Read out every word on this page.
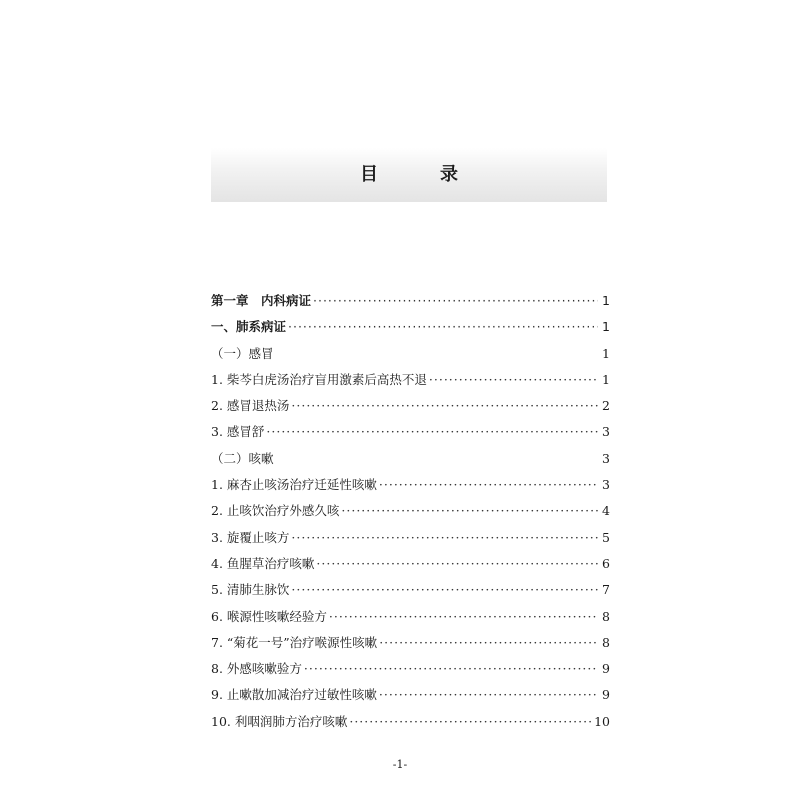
目　录
第一章　内科病证 ·····	1
一、肺系病证 ·····	1
（一）感冒	1
1. 柴芩白虎汤治疗盲用激素后高热不退 ·····	1
2. 感冒退热汤 ·····	2
3. 感冒舒 ·····	3
（二）咳嗽	3
1. 麻杏止咳汤治疗迁延性咳嗽 ·····	3
2. 止咳饮治疗外感久咳 ·····	4
3. 旋覆止咳方 ·····	5
4. 鱼腥草治疗咳嗽 ·····	6
5. 清肺生脉饮 ·····	7
6. 喉源性咳嗽经验方 ·····	8
7. “菊花一号”治疗喉源性咳嗽 ·····	8
8. 外感咳嗽验方 ·····	9
9. 止嗽散加减治疗过敏性咳嗽 ·····	9
10. 利咽润肺方治疗咳嗽 ·····	10
-1-
